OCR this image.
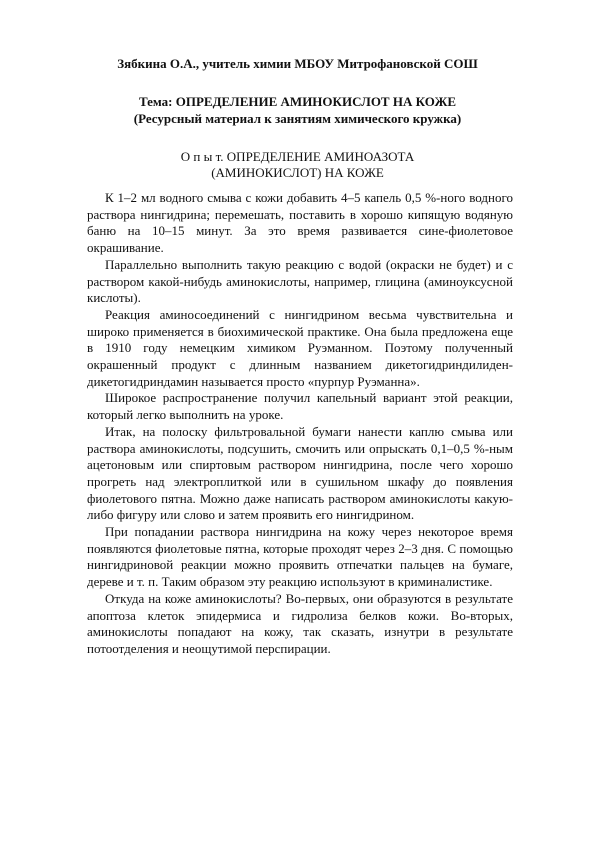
Зябкина О.А., учитель химии МБОУ Митрофановской СОШ
Тема: ОПРЕДЕЛЕНИЕ АМИНОКИСЛОТ НА КОЖЕ
(Ресурсный материал к занятиям химического кружка)
О п ы т. ОПРЕДЕЛЕНИЕ АМИНОАЗОТА
(АМИНОКИСЛОТ) НА КОЖЕ

К 1–2 мл водного смыва с кожи добавить 4–5 капель 0,5 %-ного водного раствора нингидрина; перемешать, поставить в хорошо кипящую водяную баню на 10–15 минут. За это время развивается сине-фиолетовое окрашивание.

Параллельно выполнить такую реакцию с водой (окраски не будет) и с раствором какой-нибудь аминокислоты, например, глицина (аминоуксусной кислоты).

Реакция аминосоединений с нингидрином весьма чувствительна и широко применяется в биохимической практике. Она была предложена еще в 1910 году немецким химиком Руэманном. Поэтому полученный окрашенный продукт с длинным названием дикетогидриндилиден-дикетогидриндамин называется просто «пурпур Руэманна».

Широкое распространение получил капельный вариант этой реакции, который легко выполнить на уроке.

Итак, на полоску фильтровальной бумаги нанести каплю смыва или раствора аминокислоты, подсушить, смочить или опрыскать 0,1–0,5 %-ным ацетоновым или спиртовым раствором нингидрина, после чего хорошо прогреть над электроплиткой или в сушильном шкафу до появления фиолетового пятна. Можно даже написать раствором аминокислоты какую-либо фигуру или слово и затем проявить его нингидрином.

При попадании раствора нингидрина на кожу через некоторое время появляются фиолетовые пятна, которые проходят через 2–3 дня. С помощью нингидриновой реакции можно проявить отпечатки пальцев на бумаге, дереве и т. п. Таким образом эту реакцию используют в криминалистике.

Откуда на коже аминокислоты? Во-первых, они образуются в результате апоптоза клеток эпидермиса и гидролиза белков кожи. Во-вторых, аминокислоты попадают на кожу, так сказать, изнутри в результате потоотделения и неощутимой перспирации.
